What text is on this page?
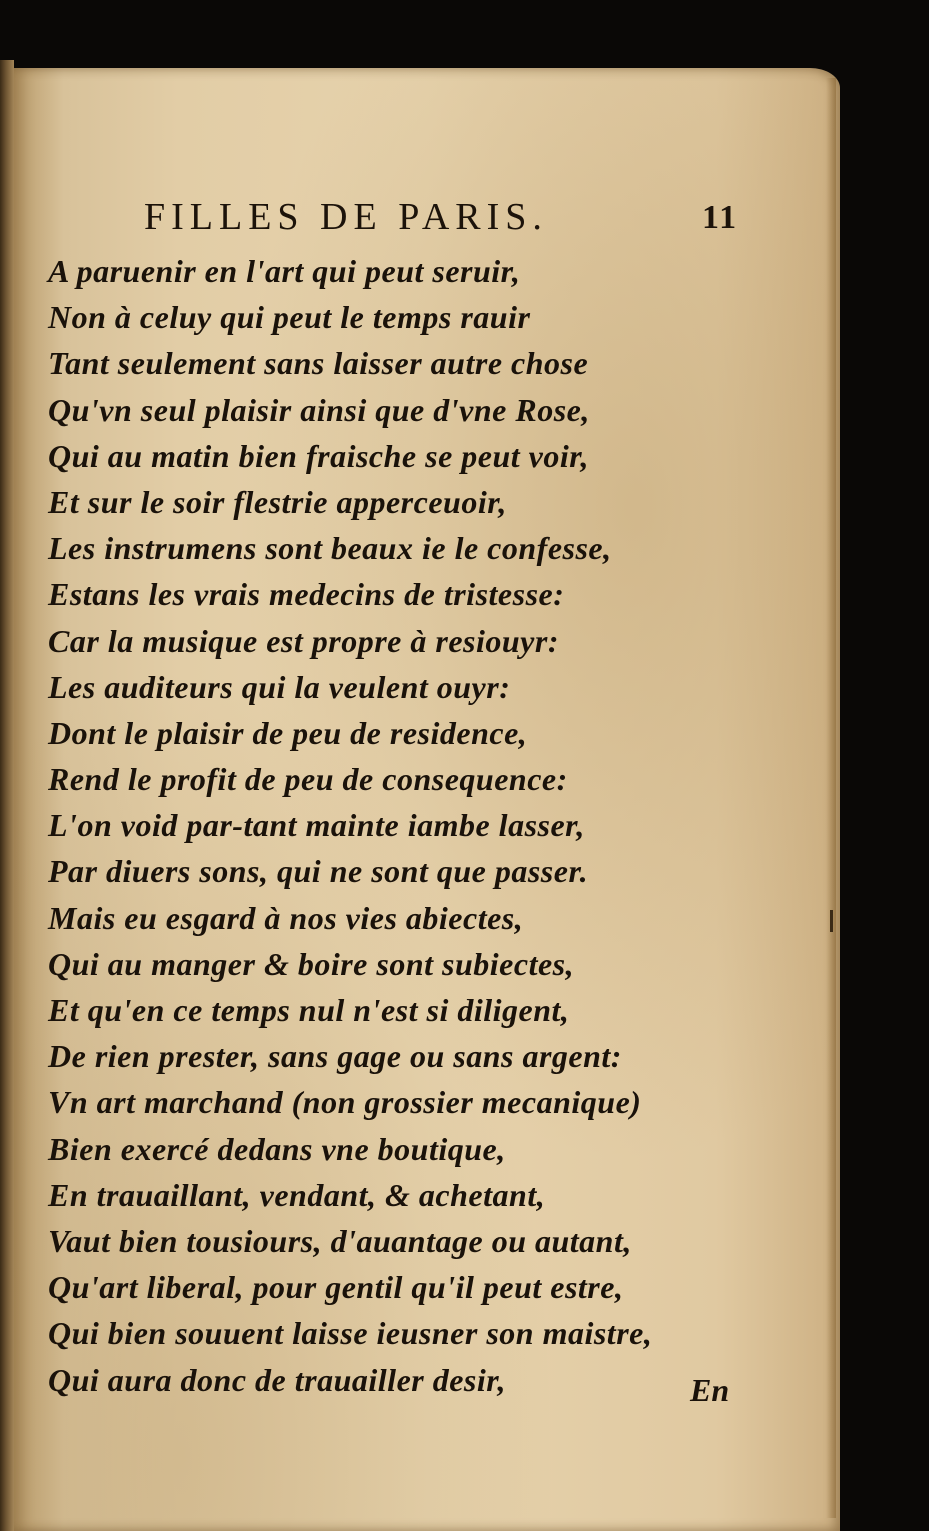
FILLES DE PARIS.	11
A paruenir en l'art qui peut seruir,
Non à celuy qui peut le temps rauir
Tant seulement sans laisser autre chose
Qu'vn seul plaisir ainsi que d'vne Rose,
Qui au matin bien fraische se peut voir,
Et sur le soir flestrie apperceuoir,
Les instrumens sont beaux ie le confesse,
Estans les vrais medecins de tristesse:
Car la musique est propre à resiouyr:
Les auditeurs qui la veulent ouyr:
Dont le plaisir de peu de residence,
Rend le profit de peu de consequence:
L'on void par-tant mainte iambe lasser,
Par diuers sons, qui ne sont que passer.
Mais eu esgard à nos vies abiectes,
Qui au manger & boire sont subiectes,
Et qu'en ce temps nul n'est si diligent,
De rien prester, sans gage ou sans argent:
Vn art marchand (non grossier mecanique)
Bien exercé dedans vne boutique,
En trauaillant, vendant, & achetant,
Vaut bien tousiours, d'auantage ou autant,
Qu'art liberal, pour gentil qu'il peut estre,
Qui bien souuent laisse ieusner son maistre,
Qui aura donc de trauailler desir,	En
